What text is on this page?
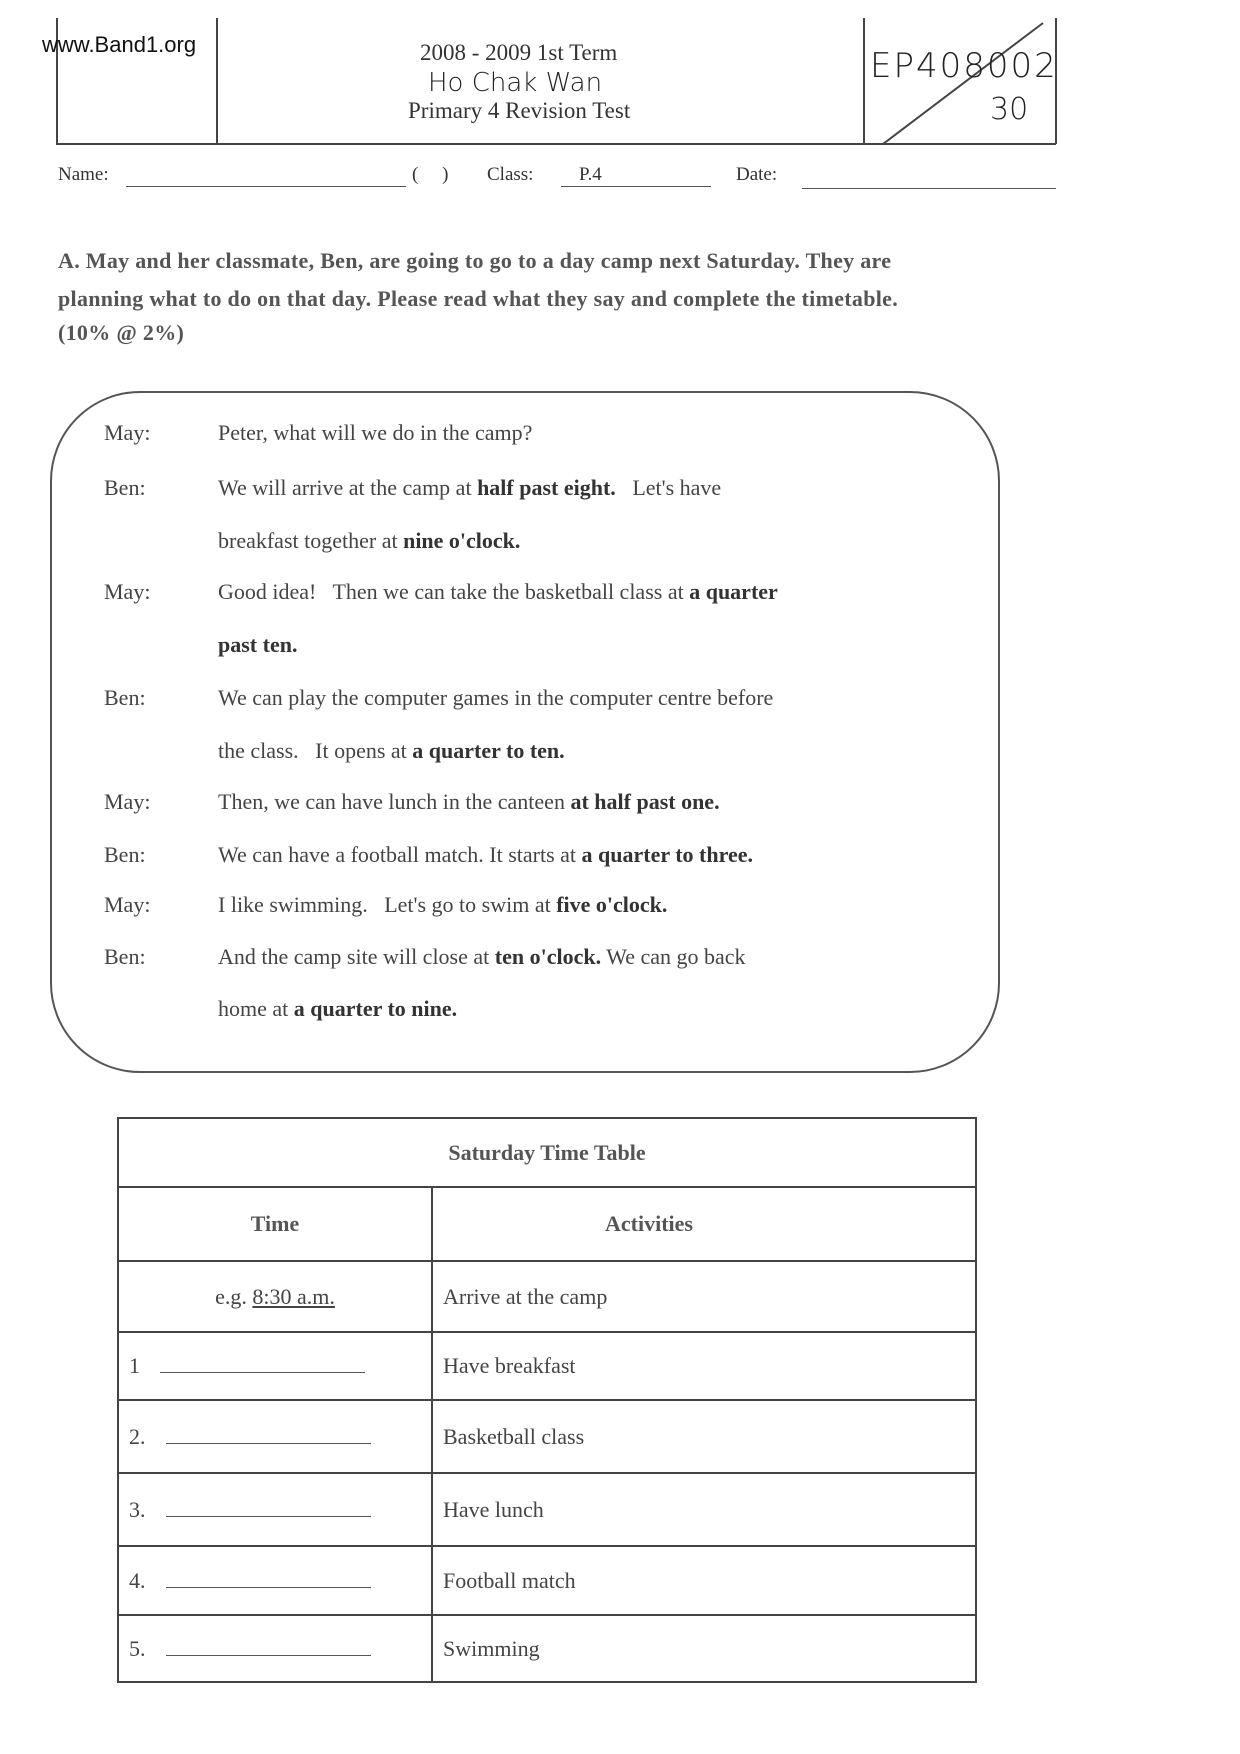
www.Band1.org	2008 - 2009 1st Term
Ho Chak Wan
Primary 4 Revision Test
EP408002
30
Name:	(     ) Class:	P.4	Date:
A. May and her classmate, Ben, are going to go to a day camp next Saturday. They are
planning what to do on that day. Please read what they say and complete the timetable.
(10% @ 2%)
May:	Peter, what will we do in the camp?
Ben:	We will arrive at the camp at half past eight.   Let's have
breakfast together at nine o'clock.
May:	Good idea!   Then we can take the basketball class at a quarter
past ten.
Ben:	We can play the computer games in the computer centre before
the class.   It opens at a quarter to ten.
May:	Then, we can have lunch in the canteen at half past one.
Ben:	We can have a football match. It starts at a quarter to three.
May:	I like swimming.   Let's go to swim at five o'clock.
Ben:	And the camp site will close at ten o'clock. We can go back
home at a quarter to nine.
Saturday Time Table	
Time	Activities
e.g. 8:30 a.m.	Arrive at the camp
1	Have breakfast
2.	Basketball class
3.	Have lunch
4.	Football match
5.	Swimming
